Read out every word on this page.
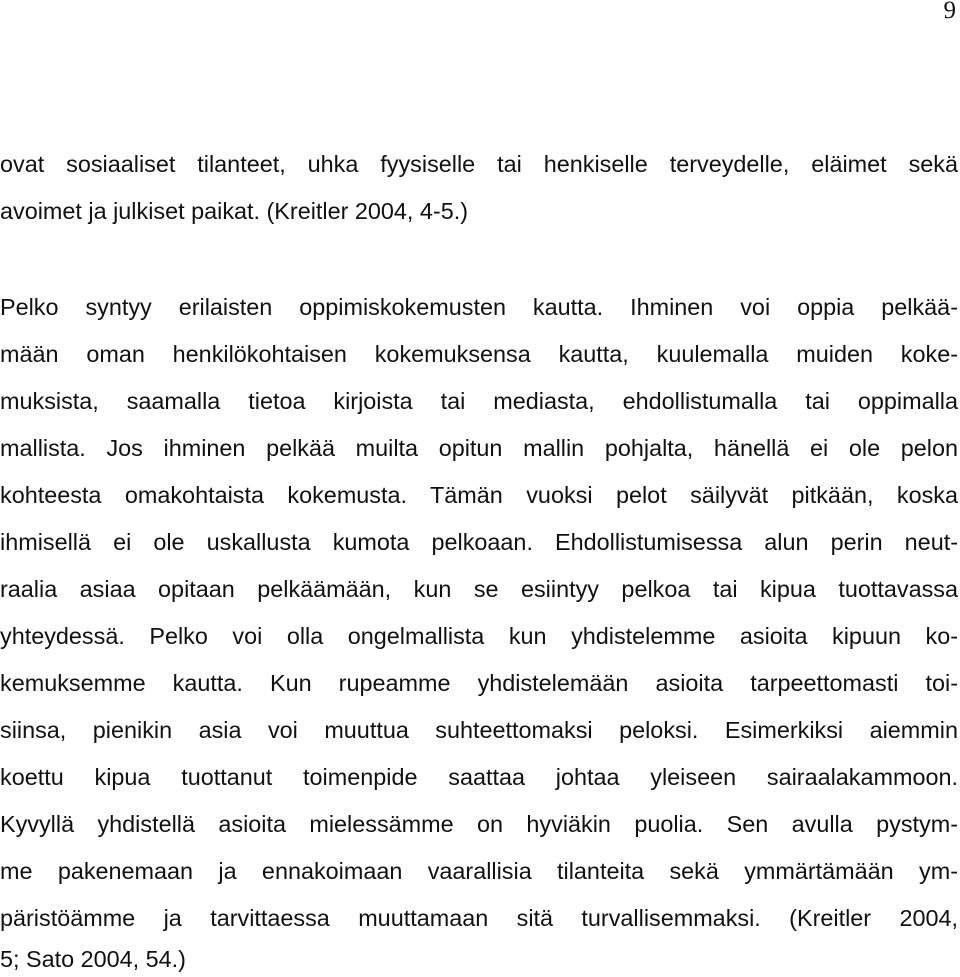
9
ovat sosiaaliset tilanteet, uhka fyysiselle tai henkiselle terveydelle, eläimet sekä
avoimet ja julkiset paikat. (Kreitler 2004, 4-5.)
Pelko syntyy erilaisten oppimiskokemusten kautta. Ihminen voi oppia pelkää-
mään oman henkilökohtaisen kokemuksensa kautta, kuulemalla muiden koke-
muksista, saamalla tietoa kirjoista tai mediasta, ehdollistumalla tai oppimalla
mallista. Jos ihminen pelkää muilta opitun mallin pohjalta, hänellä ei ole pelon
kohteesta omakohtaista kokemusta. Tämän vuoksi pelot säilyvät pitkään, koska
ihmisellä ei ole uskallusta kumota pelkoaan. Ehdollistumisessa alun perin neut-
raalia asiaa opitaan pelkäämään, kun se esiintyy pelkoa tai kipua tuottavassa
yhteydessä. Pelko voi olla ongelmallista kun yhdistelemme asioita kipuun ko-
kemuksemme kautta. Kun rupeamme yhdistelemään asioita tarpeettomasti toi-
siinsa, pienikin asia voi muuttua suhteettomaksi peloksi. Esimerkiksi aiemmin
koettu kipua tuottanut toimenpide saattaa johtaa yleiseen sairaalakammoon.
Kyvyllä yhdistellä asioita mielessämme on hyviäkin puolia. Sen avulla pystym-
me pakenemaan ja ennakoimaan vaarallisia tilanteita sekä ymmärtämään ym-
päristöämme ja tarvittaessa muuttamaan sitä turvallisemmaksi. (Kreitler 2004,
5; Sato 2004, 54.)
